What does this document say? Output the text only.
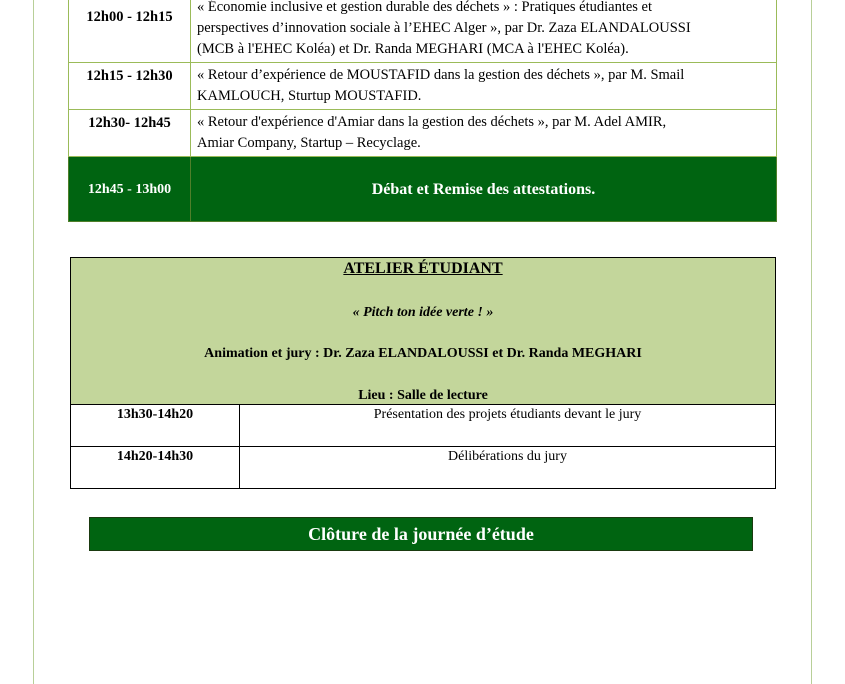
12h00 - 12h15	« Économie inclusive et gestion durable des déchets » : Pratiques étudiantes et
perspectives d’innovation sociale à l’EHEC Alger », par Dr. Zaza ELANDALOUSSI
(MCB à l'EHEC Koléa) et Dr. Randa MEGHARI (MCA à l'EHEC Koléa).

12h15 - 12h30	« Retour d’expérience de MOUSTAFID dans la gestion des déchets », par M. Smail
KAMLOUCH, Sturtup MOUSTAFID.

12h30- 12h45	« Retour d'expérience d'Amiar dans la gestion des déchets », par M. Adel AMIR,
Amiar Company, Startup – Recyclage.

12h45 - 13h00	Débat et Remise des attestations.
ATELIER ÉTUDIANT
« Pitch ton idée verte ! »
Animation et jury : Dr. Zaza ELANDALOUSSI et Dr. Randa MEGHARI
Lieu : Salle de lecture
13h30-14h20	Présentation des projets étudiants devant le jury
14h20-14h30	Délibérations du jury
Clôture de la journée d’étude
